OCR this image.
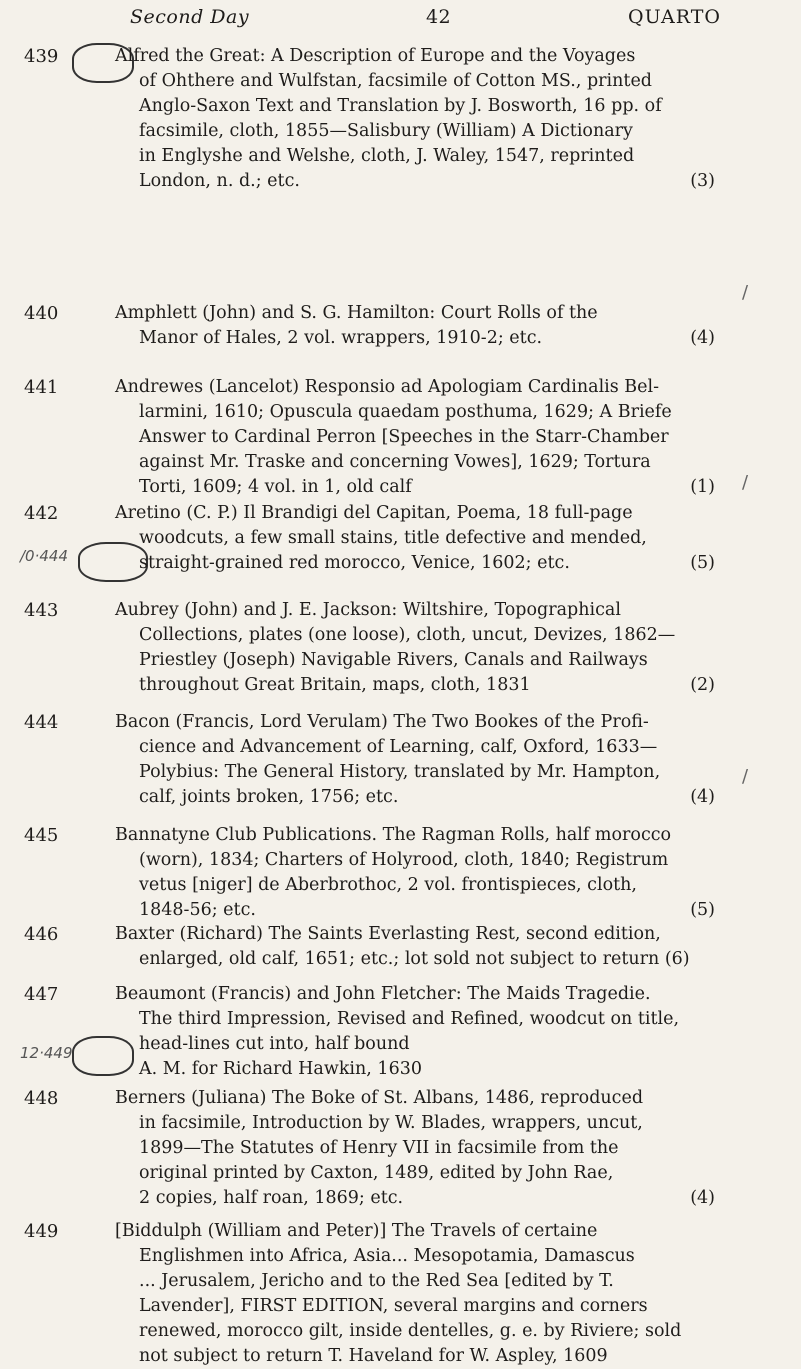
Second Day	42	QUARTO
/0·444
12·449
/
/
/
439	Alfred the Great: A Description of Europe and the Voyages
of Ohthere and Wulfstan, facsimile of Cotton MS., printed
Anglo-Saxon Text and Translation by J. Bosworth, 16 pp. of
facsimile, cloth, 1855—Salisbury (William) A Dictionary
in Englyshe and Welshe, cloth, J. Waley, 1547, reprinted
London, n. d.; etc.	(3)
440	Amphlett (John) and S. G. Hamilton: Court Rolls of the
Manor of Hales, 2 vol. wrappers, 1910-2; etc.	(4)
441	Andrewes (Lancelot) Responsio ad Apologiam Cardinalis Bel-
larmini, 1610; Opuscula quaedam posthuma, 1629; A Briefe
Answer to Cardinal Perron [Speeches in the Starr-Chamber
against Mr. Traske and concerning Vowes], 1629; Tortura
Torti, 1609; 4 vol. in 1, old calf	(1)
442	Aretino (C. P.) Il Brandigi del Capitan, Poema, 18 full-page
woodcuts, a few small stains, title defective and mended,
straight-grained red morocco, Venice, 1602; etc.	(5)
443	Aubrey (John) and J. E. Jackson: Wiltshire, Topographical
Collections, plates (one loose), cloth, uncut, Devizes, 1862—
Priestley (Joseph) Navigable Rivers, Canals and Railways
throughout Great Britain, maps, cloth, 1831	(2)
444	Bacon (Francis, Lord Verulam) The Two Bookes of the Profi-
cience and Advancement of Learning, calf, Oxford, 1633—
Polybius: The General History, translated by Mr. Hampton,
calf, joints broken, 1756; etc.	(4)
445	Bannatyne Club Publications. The Ragman Rolls, half morocco
(worn), 1834; Charters of Holyrood, cloth, 1840; Registrum
vetus [niger] de Aberbrothoc, 2 vol. frontispieces, cloth,
1848-56; etc.	(5)
446	Baxter (Richard) The Saints Everlasting Rest, second edition,
enlarged, old calf, 1651; etc.; lot sold not subject to return (6)
447	Beaumont (Francis) and John Fletcher: The Maids Tragedie.
The third Impression, Revised and Refined, woodcut on title,
head-lines cut into, half bound
A. M. for Richard Hawkin, 1630
448	Berners (Juliana) The Boke of St. Albans, 1486, reproduced
in facsimile, Introduction by W. Blades, wrappers, uncut,
1899—The Statutes of Henry VII in facsimile from the
original printed by Caxton, 1489, edited by John Rae,
2 copies, half roan, 1869; etc.	(4)
449	[Biddulph (William and Peter)] The Travels of certaine
Englishmen into Africa, Asia... Mesopotamia, Damascus
... Jerusalem, Jericho and to the Red Sea [edited by T.
Lavender], FIRST EDITION, several margins and corners
renewed, morocco gilt, inside dentelles, g. e. by Riviere; sold
not subject to return T. Haveland for W. Aspley, 1609
